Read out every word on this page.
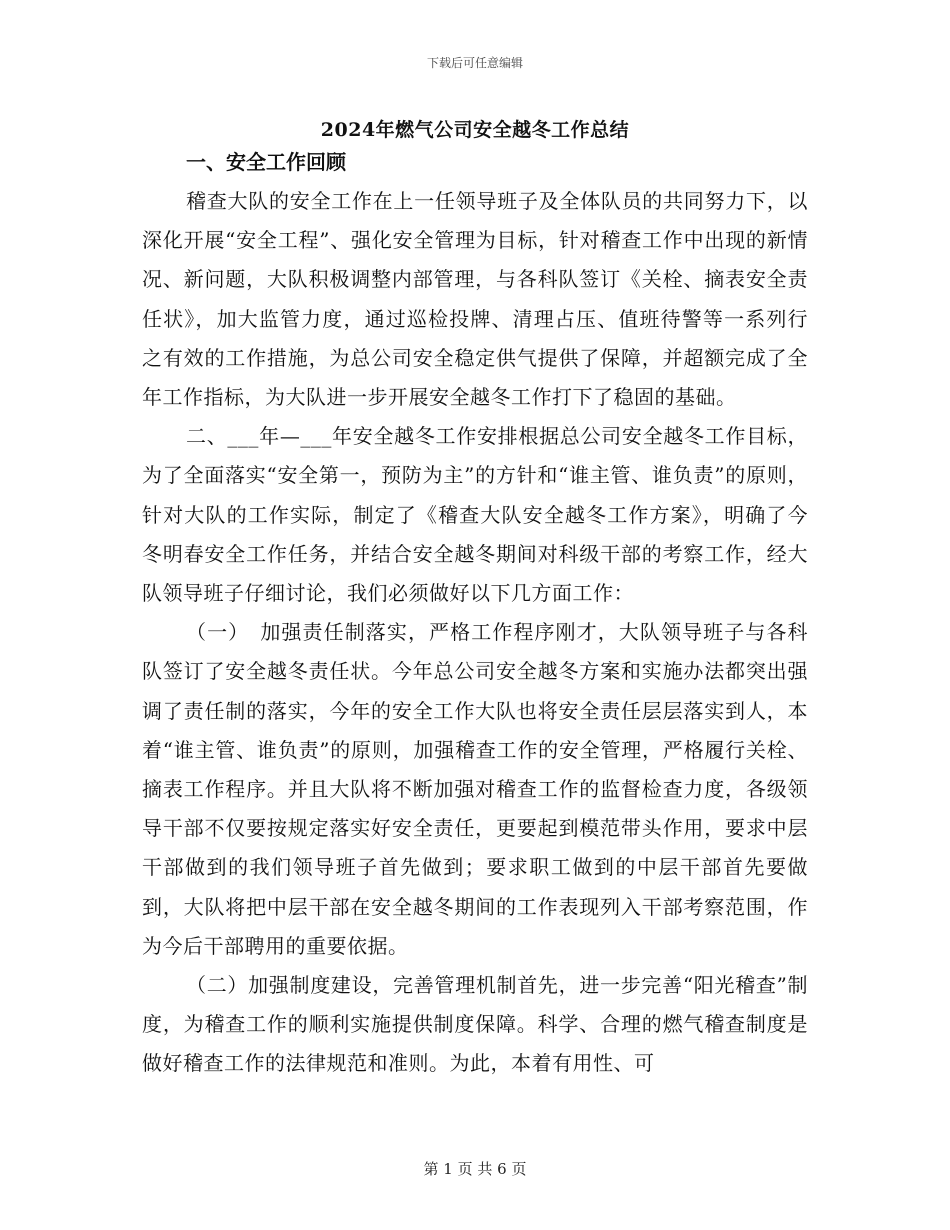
下载后可任意编辑
2024年燃气公司安全越冬工作总结

一、安全工作回顾

稽查大队的安全工作在上一任领导班子及全体队员的共同努力下，以深化开展“安全工程”、强化安全管理为目标，针对稽查工作中出现的新情况、新问题，大队积极调整内部管理，与各科队签订《关栓、摘表安全责任状》，加大监管力度，通过巡检投牌、清理占压、值班待警等一系列行之有效的工作措施，为总公司安全稳定供气提供了保障，并超额完成了全年工作指标，为大队进一步开展安全越冬工作打下了稳固的基础。

二、___年—___年安全越冬工作安排根据总公司安全越冬工作目标，为了全面落实“安全第一，预防为主”的方针和“谁主管、谁负责”的原则，针对大队的工作实际，制定了《稽查大队安全越冬工作方案》，明确了今冬明春安全工作任务，并结合安全越冬期间对科级干部的考察工作，经大队领导班子仔细讨论，我们必须做好以下几方面工作：

（一）　加强责任制落实，严格工作程序刚才，大队领导班子与各科队签订了安全越冬责任状。今年总公司安全越冬方案和实施办法都突出强调了责任制的落实，今年的安全工作大队也将安全责任层层落实到人，本着“谁主管、谁负责”的原则，加强稽查工作的安全管理，严格履行关栓、摘表工作程序。并且大队将不断加强对稽查工作的监督检查力度，各级领导干部不仅要按规定落实好安全责任，更要起到模范带头作用，要求中层干部做到的我们领导班子首先做到；要求职工做到的中层干部首先要做到，大队将把中层干部在安全越冬期间的工作表现列入干部考察范围，作为今后干部聘用的重要依据。

（二）加强制度建设，完善管理机制首先，进一步完善“阳光稽查”制度，为稽查工作的顺利实施提供制度保障。科学、合理的燃气稽查制度是做好稽查工作的法律规范和准则。为此，本着有用性、可

第 1 页 共 6 页
